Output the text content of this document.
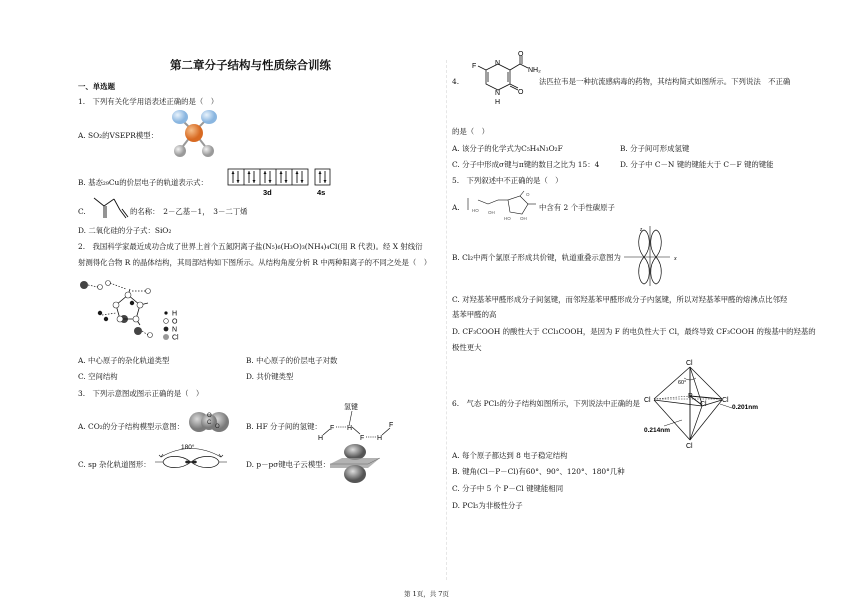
第二章分子结构与性质综合训练
一、单选题
1.　下列有关化学用语表述正确的是（　）
A. SO₂的VSEPR模型：
B. 基态₂₉Cu的价层电子的轨道表示式：
3d	4s
C.	的名称：　2－乙基－1，　3－二丁烯
D. 二氧化硅的分子式：SiO₂
2.　我国科学家最近成功合成了世界上首个五氮阴离子盐(N₅)₆(H₃O)₃(NH₄)₄Cl(用 R 代表)。经 X 射线衍
射测得化合物 R 的晶体结构，其局部结构如下图所示。从结构角度分析 R 中两种阳离子的不同之处是（　）
H
O
N
Cl
A. 中心原子的杂化轨道类型	B. 中心原子的价层电子对数
C. 空间结构	D. 共价键类型
3.　下列示意图或图示正确的是（　）
A. CO₂的分子结构模型示意图：
O
C
O	B. HF 分子间的氢键：
氢键
H
F H
F H
F
C. sp 杂化轨道图形：
180°
D. p－pσ键电子云模型：
4.
F	N
O
NH₂
N	O
H
法匹拉韦是一种抗流感病毒的药物，其结构简式如图所示。下列说法　不正确
的是（　）
A. 该分子的化学式为C₅H₄N₃O₂F	B. 分子间可形成氢键
C. 分子中形成σ键与π键的数目之比为 15：4	D. 分子中 C－N 键的键能大于 C－F 键的键能
5.　下列叙述中不正确的是（　）
A.	HO OH
HO OH
O
中含有 2 个手性碳原子
B. Cl₂中两个氯原子形成共价键，轨道重叠示意图为
z
x
C. 对羟基苯甲醛形成分子间氢键，而邻羟基苯甲醛形成分子内氢键，所以对羟基苯甲醛的熔沸点比邻羟
基苯甲醛的高
D. CF₃COOH 的酸性大于 CCl₃COOH，是因为 F 的电负性大于 Cl，最终导致 CF₃COOH 的羧基中的羟基的
极性更大
6.　气态 PCl₅的分子结构如图所示，下列说法中正确的是
Cl
Cl	Cl
Cl
Cl
P
60°
0.201nm
0.214nm
A. 每个原子都达到 8 电子稳定结构
B. 键角(Cl－P－Cl)有60°、90°、120°、180°几种
C. 分子中 5 个 P－Cl 键键能相同
D. PCl₅为非极性分子
第 1页，共 7页
